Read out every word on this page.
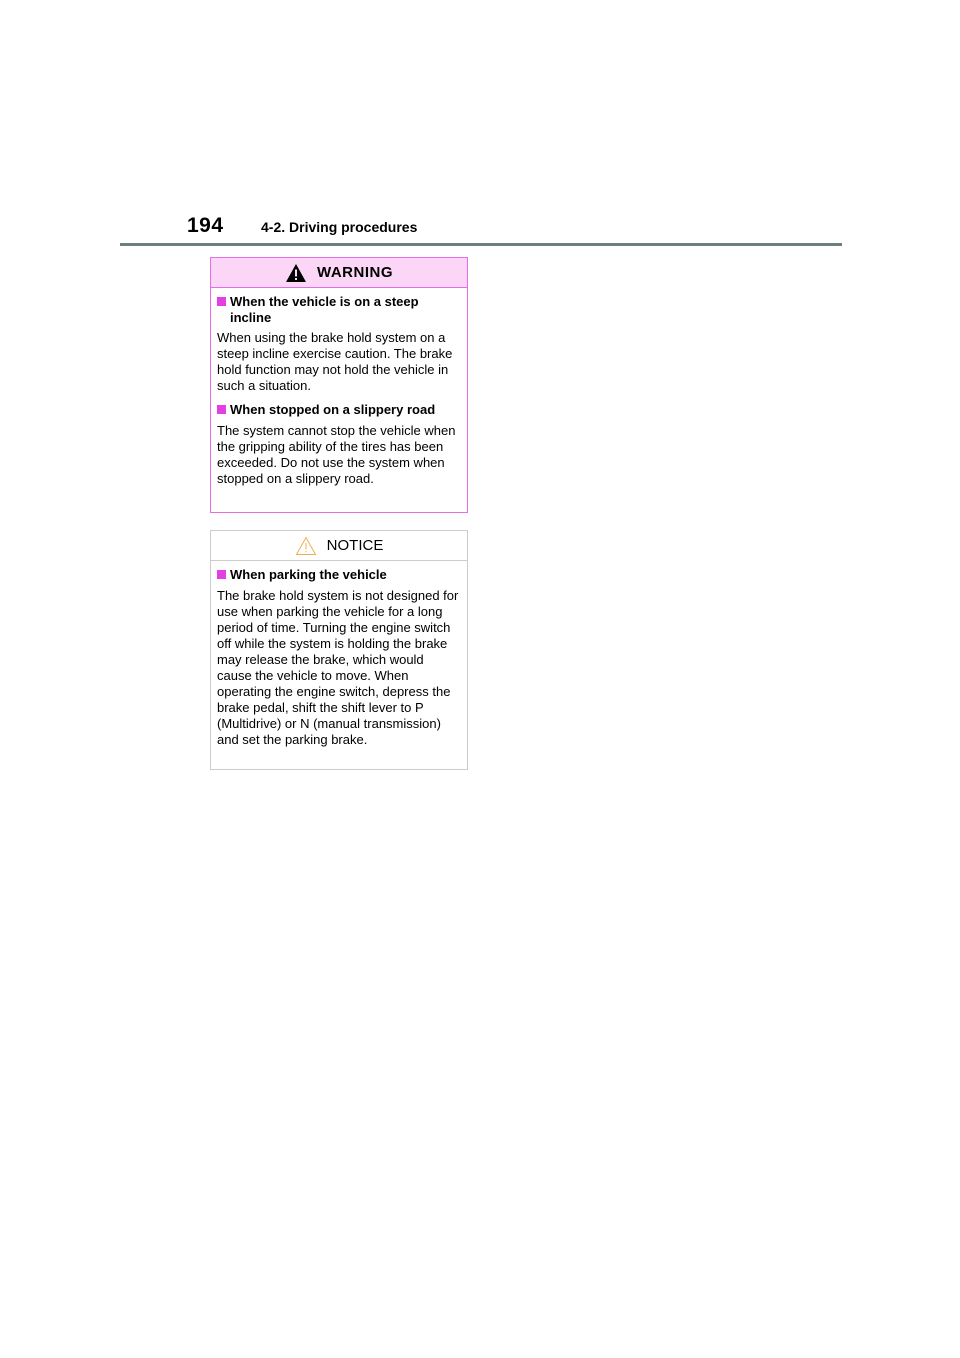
194	4-2. Driving procedures
WARNING
When the vehicle is on a steep incline
When using the brake hold system on a steep incline exercise caution. The brake hold function may not hold the vehicle in such a situation.
When stopped on a slippery road
The system cannot stop the vehicle when the gripping ability of the tires has been exceeded. Do not use the system when stopped on a slippery road.
NOTICE
When parking the vehicle
The brake hold system is not designed for use when parking the vehicle for a long period of time. Turning the engine switch off while the system is holding the brake may release the brake, which would cause the vehicle to move. When operating the engine switch, depress the brake pedal, shift the shift lever to P (Multidrive) or N (manual transmission) and set the parking brake.
